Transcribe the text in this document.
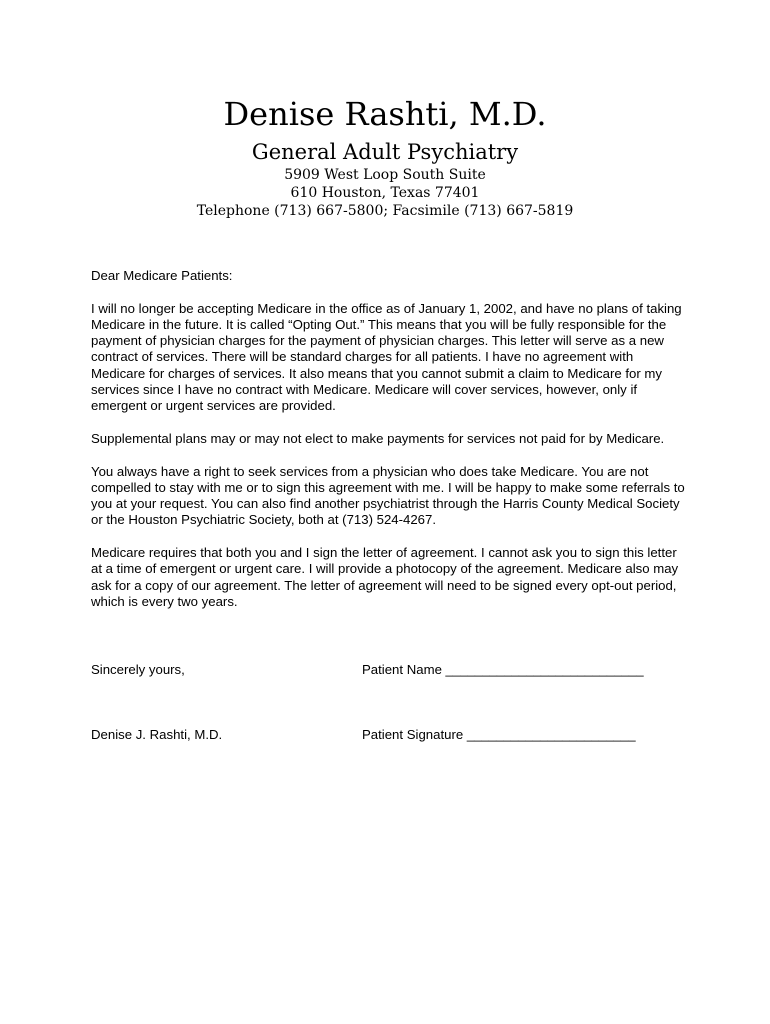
Denise Rashti, M.D.
General Adult Psychiatry
5909 West Loop South Suite
610 Houston, Texas 77401
Telephone (713) 667-5800; Facsimile (713) 667-5819

Dear Medicare Patients:

I will no longer be accepting Medicare in the office as of January 1, 2002, and have no plans of taking Medicare in the future. It is called “Opting Out.” This means that you will be fully responsible for the payment of physician charges for the payment of physician charges. This letter will serve as a new contract of services. There will be standard charges for all patients. I have no agreement with Medicare for charges of services. It also means that you cannot submit a claim to Medicare for my services since I have no contract with Medicare. Medicare will cover services, however, only if emergent or urgent services are provided.

Supplemental plans may or may not elect to make payments for services not paid for by Medicare.

You always have a right to seek services from a physician who does take Medicare. You are not compelled to stay with me or to sign this agreement with me. I will be happy to make some referrals to you at your request. You can also find another psychiatrist through the Harris County Medical Society or the Houston Psychiatric Society, both at (713) 524-4267.

Medicare requires that both you and I sign the letter of agreement. I cannot ask you to sign this letter at a time of emergent or urgent care. I will provide a photocopy of the agreement. Medicare also may ask for a copy of our agreement. The letter of agreement will need to be signed every opt-out period, which is every two years.

Sincerely yours,	Patient Name ___________________________
Denise J. Rashti, M.D.	Patient Signature _______________________
